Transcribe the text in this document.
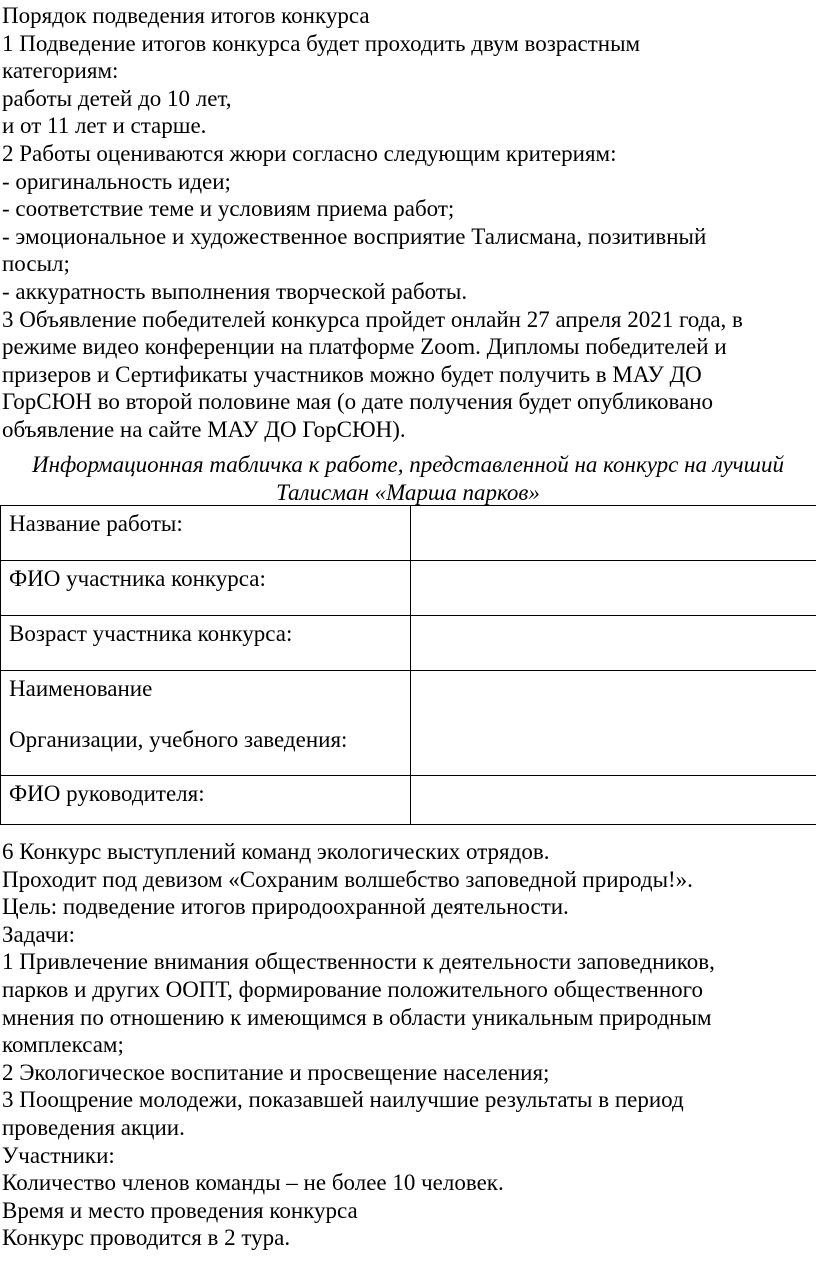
Порядок подведения итогов конкурса

1 Подведение итогов конкурса будет проходить двум возрастным

категориям:

работы детей до 10 лет,

и от 11 лет и старше.

2 Работы оцениваются жюри согласно следующим критериям:

- оригинальность идеи;

- соответствие теме и условиям приема работ;

- эмоциональное и художественное восприятие Талисмана, позитивный

посыл;

- аккуратность выполнения творческой работы.

3 Объявление победителей конкурса пройдет онлайн 27 апреля 2021 года, в

режиме видео конференции на платформе Zoom. Дипломы победителей и

призеров и Сертификаты участников можно будет получить в МАУ ДО

ГорСЮН во второй половине мая (о дате получения будет опубликовано

объявление на сайте МАУ ДО ГорСЮН).

Информационная табличка к работе, представленной на конкурс на лучший
Талисман «Марша парков»
Название работы:	
ФИО участника конкурса:	
Возраст участника конкурса:	

Наименование
Организации, учебного заведения:	

ФИО руководителя:	

6 Конкурс выступлений команд экологических отрядов.

Проходит под девизом «Сохраним волшебство заповедной природы!».

Цель: подведение итогов природоохранной деятельности.

Задачи:

1 Привлечение внимания общественности к деятельности заповедников,

парков и других ООПТ, формирование положительного общественного

мнения по отношению к имеющимся в области уникальным природным

комплексам;

2 Экологическое воспитание и просвещение населения;

3 Поощрение молодежи, показавшей наилучшие результаты в период

проведения акции.

Участники:

Количество членов команды – не более 10 человек.

Время и место проведения конкурса

Конкурс проводится в 2 тура.
